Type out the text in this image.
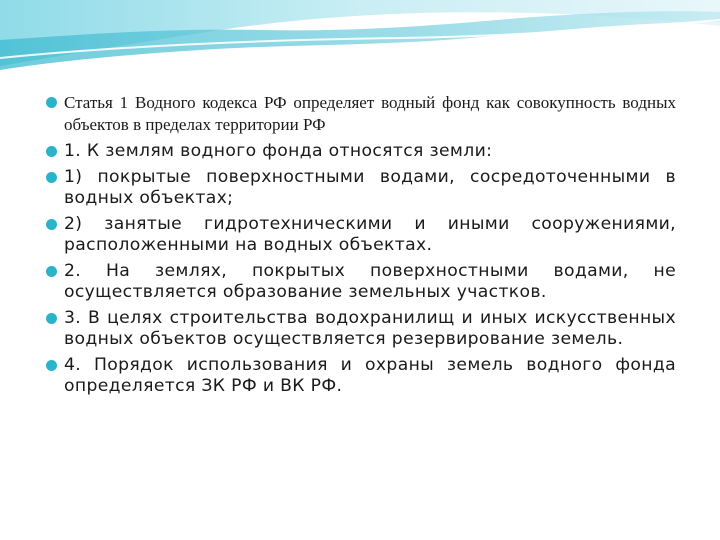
Статья 1 Водного кодекса РФ определяет водный фонд как совокупность водных объектов в пределах территории РФ
1. К землям водного фонда относятся земли:
1) покрытые поверхностными водами, сосредоточенными в водных объектах;
2) занятые гидротехническими и иными сооружениями, расположенными на водных объектах.
2. На землях, покрытых поверхностными водами, не осуществляется образование земельных участков.
3. В целях строительства водохранилищ и иных искусственных водных объектов осуществляется резервирование земель.
4. Порядок использования и охраны земель водного фонда определяется ЗК РФ и ВК РФ.
